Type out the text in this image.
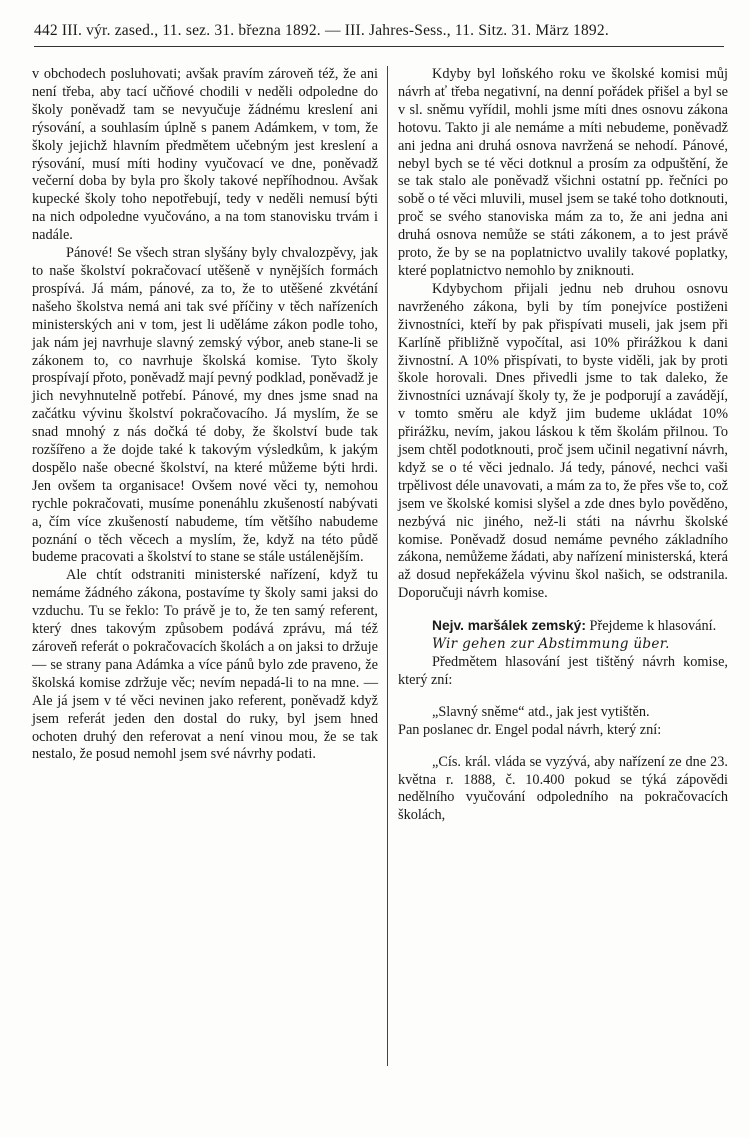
442 III. výr. zased., 11. sez. 31. března 1892. — III. Jahres-Sess., 11. Sitz. 31. März 1892.

v obchodech posluhovati; avšak pravím zároveň též, že ani není třeba, aby tací učňové chodili v neděli odpoledne do školy poněvadž tam se nevyučuje žádnému kreslení ani rýsování, a souhlasím úplně s panem Adámkem, v tom, že školy jejichž hlavním předmětem učebným jest kreslení a rýsování, musí míti hodiny vyučovací ve dne, poněvadž večerní doba by byla pro školy takové nepříhodnou. Avšak kupecké školy toho nepotřebují, tedy v neděli nemusí býti na nich odpoledne vyučováno, a na tom stanovisku trvám i nadále.

Pánové! Se všech stran slyšány byly chvalozpěvy, jak to naše školství pokračovací utěšeně v nynějších formách prospívá. Já mám, pánové, za to, že to utěšené zkvétání našeho školstva nemá ani tak své příčiny v těch nařízeních ministerských ani v tom, jest li uděláme zákon podle toho, jak nám jej navrhuje slavný zemský výbor, aneb stane-li se zákonem to, co navrhuje školská komise. Tyto školy prospívají přoto, poněvadž mají pevný podklad, poněvadž je jich nevyhnutelně potřebí. Pánové, my dnes jsme snad na začátku vývinu školství pokračovacího. Já myslím, že se snad mnohý z nás dočká té doby, že školství bude tak rozšířeno a že dojde také k takovým výsledkům, k jakým dospělo naše obecné školství, na které můžeme býti hrdi. Jen ovšem ta organisace! Ovšem nové věci ty, nemohou rychle pokračovati, musíme ponenáhlu zkušeností nabývati a, čím více zkušeností nabudeme, tím většího nabudeme poznání o těch věcech a myslím, že, když na této půdě budeme pracovati a školství to stane se stále ustálenějším.

Ale chtít odstraniti ministerské nařízení, když tu nemáme žádného zákona, postavíme ty školy sami jaksi do vzduchu. Tu se řeklo: To právě je to, že ten samý referent, který dnes takovým způsobem podává zprávu, má též zároveň referát o pokračovacích školách a on jaksi to držuje — se strany pana Adámka a více pánů bylo zde praveno, že školská komise zdržuje věc; nevím nepadá-li to na mne. — Ale já jsem v té věci nevinen jako referent, poněvadž když jsem referát jeden den dostal do ruky, byl jsem hned ochoten druhý den referovat a není vinou mou, že se tak nestalo, že posud nemohl jsem své návrhy podati.

Kdyby byl loňského roku ve školské komisi můj návrh ať třeba negativní, na denní pořádek přišel a byl se v sl. sněmu vyřídil, mohli jsme míti dnes osnovu zákona hotovu. Takto ji ale nemáme a míti nebudeme, poněvadž ani jedna ani druhá osnova navržená se nehodí. Pánové, nebyl bych se té věci dotknul a prosím za odpuštění, že se tak stalo ale poněvadž všichni ostatní pp. řečníci po sobě o té věci mluvili, musel jsem se také toho dotknouti, proč se svého stanoviska mám za to, že ani jedna ani druhá osnova nemůže se státi zákonem, a to jest právě proto, že by se na poplatnictvo uvalily takové poplatky, které poplatnictvo nemohlo by zniknouti.

Kdybychom přijali jednu neb druhou osnovu navrženého zákona, byli by tím ponejvíce postiženi živnostníci, kteří by pak přispívati museli, jak jsem při Karlíně přibližně vypočítal, asi 10% přirážkou k dani živnostní. A 10% přispívati, to byste viděli, jak by proti škole horovali. Dnes přivedli jsme to tak daleko, že živnostníci uznávají školy ty, že je podporují a zavádějí, v tomto směru ale když jim budeme ukládat 10% přirážku, nevím, jakou láskou k těm školám přilnou. To jsem chtěl podotknouti, proč jsem učinil negativní návrh, když se o té věci jednalo. Já tedy, pánové, nechci vaši trpělivost déle unavovati, a mám za to, že přes vše to, což jsem ve školské komisi slyšel a zde dnes bylo pověděno, nezbývá nic jiného, než-li státi na návrhu školské komise. Poněvadž dosud nemáme pevného základního zákona, nemůžeme žádati, aby nařízení ministerská, která až dosud nepřekážela vývinu škol našich, se odstranila. Doporučuji návrh komise.

Nejv. maršálek zemský: Přejdeme k hlasování.

Wir gehen zur Abstimmung über.

Předmětem hlasování jest tištěný návrh komise, který zní:

„Slavný sněme“ atd., jak jest vytištěn.

Pan poslanec dr. Engel podal návrh, který zní:

„Cís. král. vláda se vyzývá, aby nařízení ze dne 23. května r. 1888, č. 10.400 pokud se týká zápovědi nedělního vyučování odpoledního na pokračovacích školách,
